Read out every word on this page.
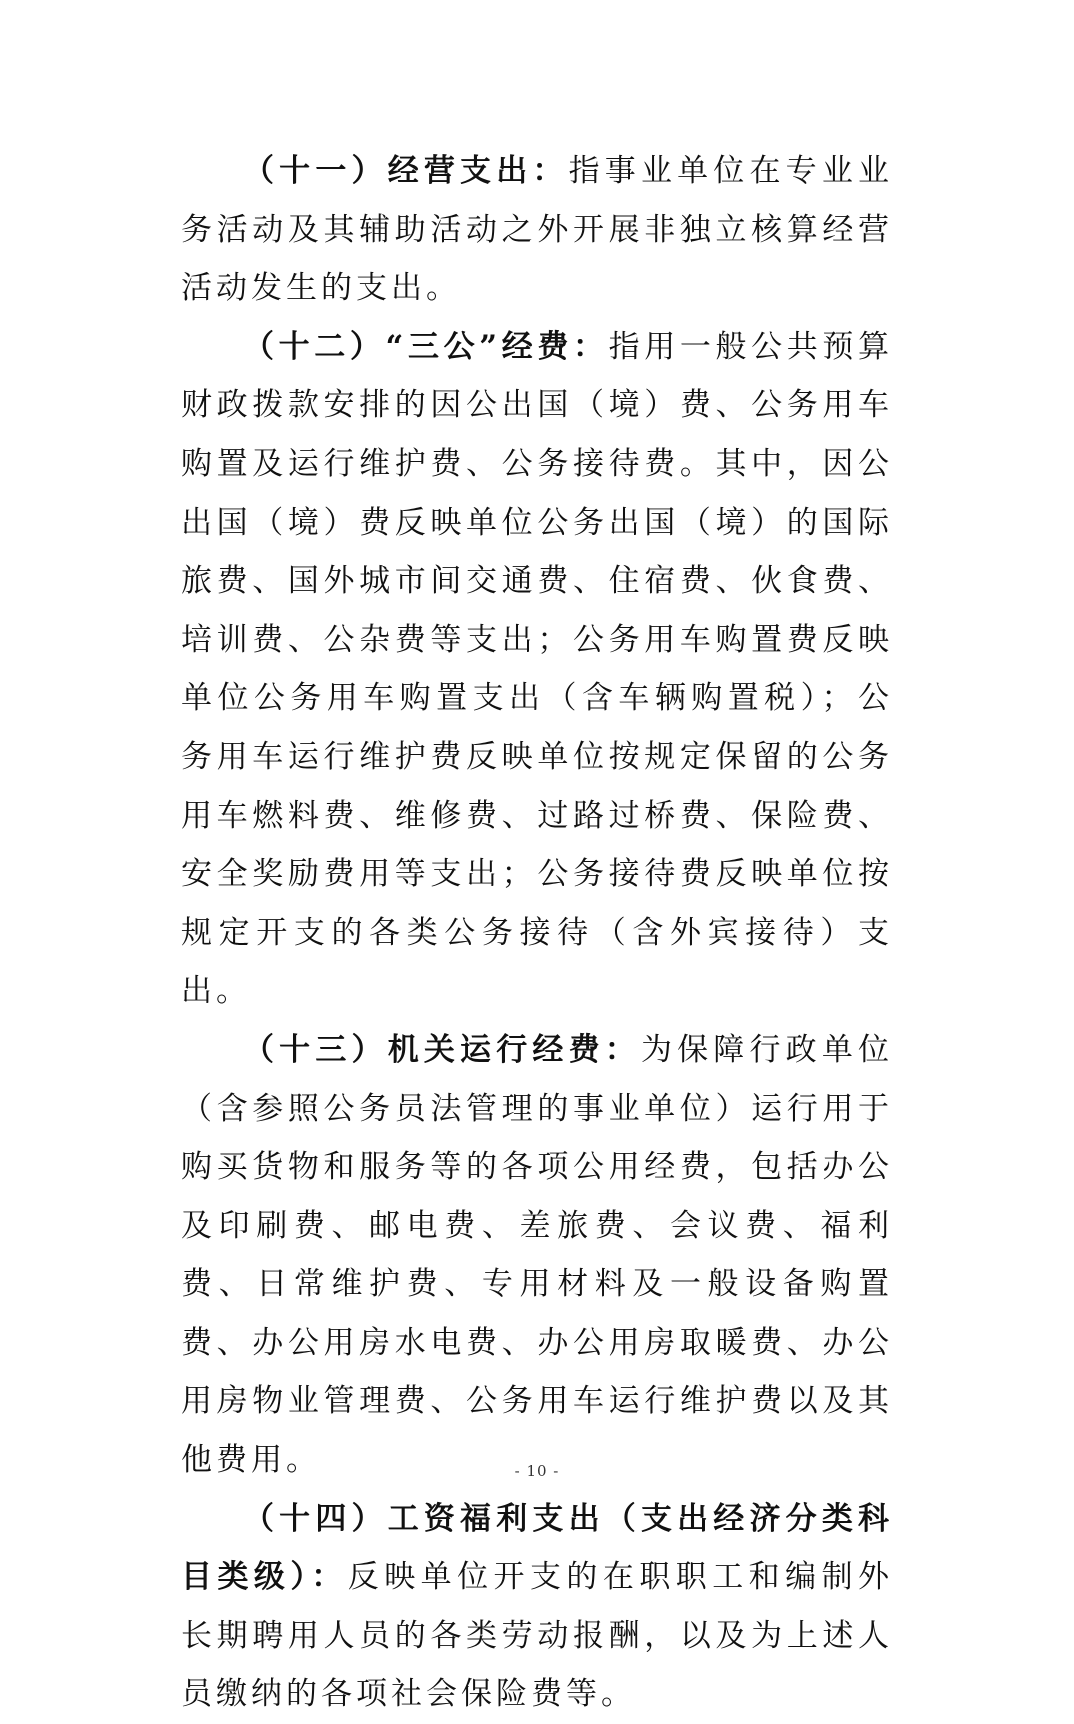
（十一）经营支出：指事业单位在专业业务活动及其辅助活动之外开展非独立核算经营活动发生的支出。

（十二）“三公”经费：指用一般公共预算财政拨款安排的因公出国（境）费、公务用车购置及运行维护费、公务接待费。其中，因公出国（境）费反映单位公务出国（境）的国际旅费、国外城市间交通费、住宿费、伙食费、培训费、公杂费等支出；公务用车购置费反映单位公务用车购置支出（含车辆购置税）；公务用车运行维护费反映单位按规定保留的公务用车燃料费、维修费、过路过桥费、保险费、安全奖励费用等支出；公务接待费反映单位按规定开支的各类公务接待（含外宾接待）支出。

（十三）机关运行经费：为保障行政单位（含参照公务员法管理的事业单位）运行用于购买货物和服务等的各项公用经费，包括办公及印刷费、邮电费、差旅费、会议费、福利费、日常维护费、专用材料及一般设备购置费、办公用房水电费、办公用房取暖费、办公用房物业管理费、公务用车运行维护费以及其他费用。

（十四）工资福利支出（支出经济分类科目类级）：反映单位开支的在职职工和编制外长期聘用人员的各类劳动报酬，以及为上述人员缴纳的各项社会保险费等。

- 10 -
